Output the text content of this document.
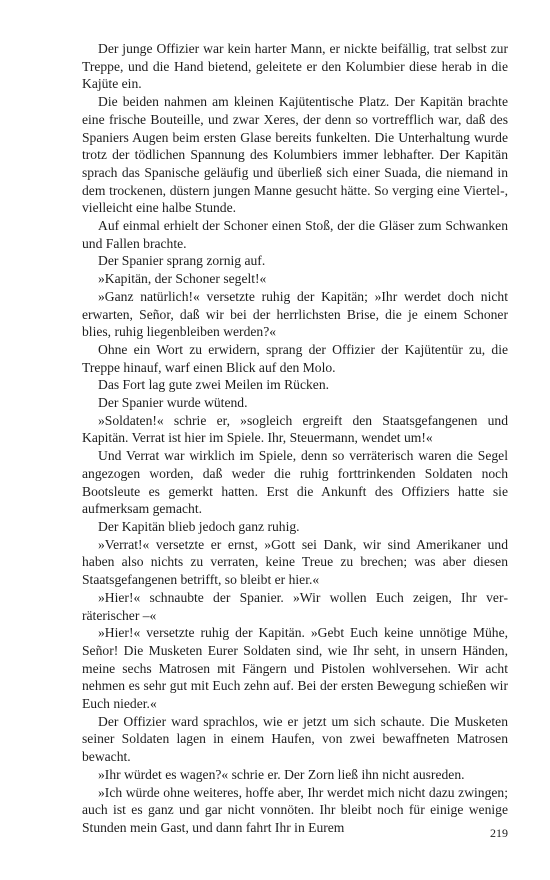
Der junge Offizier war kein harter Mann, er nickte beifällig, trat selbst zur Treppe, und die Hand bietend, geleitete er den Kolumbier diese herab in die Kajüte ein.

Die beiden nahmen am kleinen Kajütentische Platz. Der Kapitän brachte eine frische Bouteille, und zwar Xeres, der denn so vortrefflich war, daß des Spaniers Augen beim ersten Glase bereits funkelten. Die Unterhaltung wurde trotz der tödlichen Spannung des Kolumbiers immer lebhafter. Der Kapitän sprach das Spanische geläufig und überließ sich einer Suada, die niemand in dem trockenen, düstern jungen Manne gesucht hätte. So verging eine Viertel-, vielleicht eine halbe Stunde.

Auf einmal erhielt der Schoner einen Stoß, der die Gläser zum Schwanken und Fallen brachte.

Der Spanier sprang zornig auf.

»Kapitän, der Schoner segelt!«

»Ganz natürlich!« versetzte ruhig der Kapitän; »Ihr werdet doch nicht erwarten, Señor, daß wir bei der herrlichsten Brise, die je einem Schoner blies, ruhig liegenbleiben werden?«

Ohne ein Wort zu erwidern, sprang der Offizier der Kajütentür zu, die Treppe hinauf, warf einen Blick auf den Molo.

Das Fort lag gute zwei Meilen im Rücken.

Der Spanier wurde wütend.

»Soldaten!« schrie er, »sogleich ergreift den Staatsgefangenen und Kapitän. Verrat ist hier im Spiele. Ihr, Steuermann, wendet um!«

Und Verrat war wirklich im Spiele, denn so verräterisch waren die Segel angezogen worden, daß weder die ruhig forttrinkenden Soldaten noch Bootsleute es gemerkt hatten. Erst die Ankunft des Offiziers hatte sie aufmerksam gemacht.

Der Kapitän blieb jedoch ganz ruhig.

»Verrat!« versetzte er ernst, »Gott sei Dank, wir sind Amerikaner und haben also nichts zu verraten, keine Treue zu brechen; was aber diesen Staatsgefangenen betrifft, so bleibt er hier.«

»Hier!« schnaubte der Spanier. »Wir wollen Euch zeigen, Ihr verräterischer –«

»Hier!« versetzte ruhig der Kapitän. »Gebt Euch keine unnötige Mühe, Señor! Die Musketen Eurer Soldaten sind, wie Ihr seht, in unsern Händen, meine sechs Matrosen mit Fängern und Pistolen wohlversehen. Wir acht nehmen es sehr gut mit Euch zehn auf. Bei der ersten Bewegung schießen wir Euch nieder.«

Der Offizier ward sprachlos, wie er jetzt um sich schaute. Die Musketen seiner Soldaten lagen in einem Haufen, von zwei bewaffneten Matrosen bewacht.

»Ihr würdet es wagen?« schrie er. Der Zorn ließ ihn nicht ausreden.

»Ich würde ohne weiteres, hoffe aber, Ihr werdet mich nicht dazu zwingen; auch ist es ganz und gar nicht vonnöten. Ihr bleibt noch für einige wenige Stunden mein Gast, und dann fahrt Ihr in Eurem	219
